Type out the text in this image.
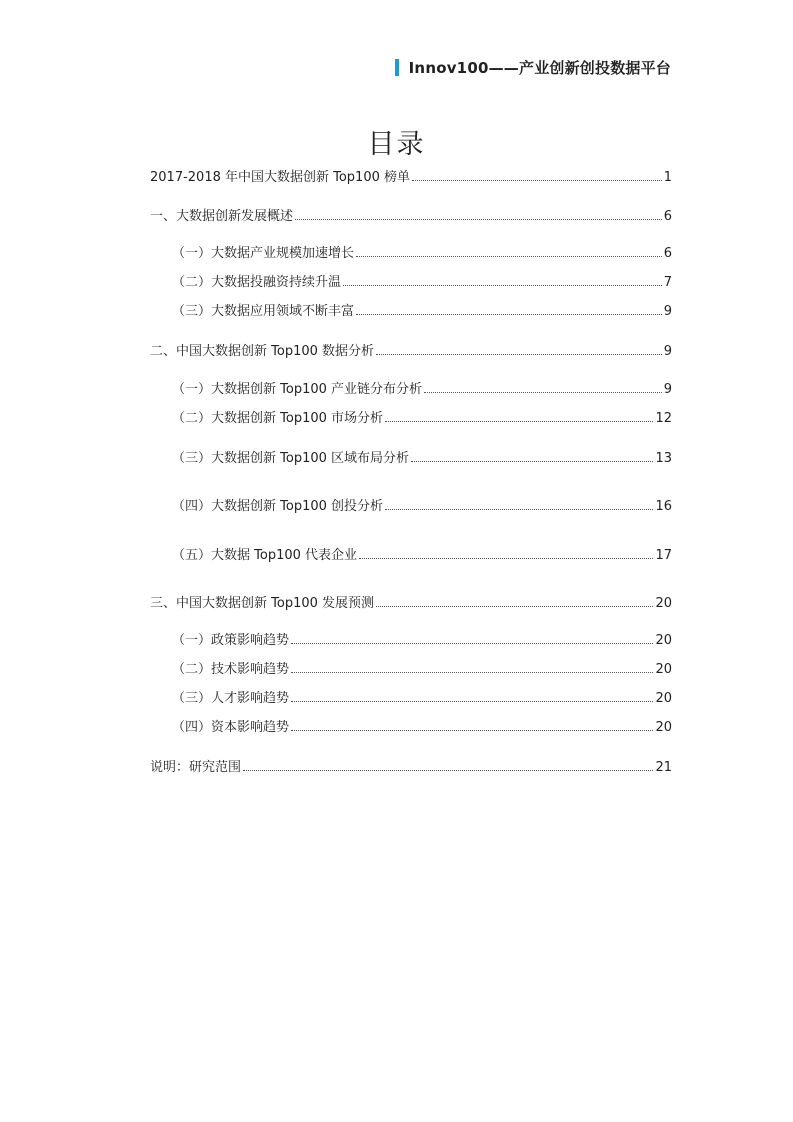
Innov100——产业创新创投数据平台
目录
2017-2018 年中国大数据创新 Top100 榜单	1
一、大数据创新发展概述	6
（一）大数据产业规模加速增长	6
（二）大数据投融资持续升温	7
（三）大数据应用领域不断丰富	9
二、中国大数据创新 Top100 数据分析	9
（一）大数据创新 Top100 产业链分布分析	9
（二）大数据创新 Top100 市场分析	12
（三）大数据创新 Top100 区域布局分析	13
（四）大数据创新 Top100 创投分析	16
（五）大数据 Top100 代表企业	17
三、中国大数据创新 Top100 发展预测	20
（一）政策影响趋势	20
（二）技术影响趋势	20
（三）人才影响趋势	20
（四）资本影响趋势	20
说明：研究范围	21
